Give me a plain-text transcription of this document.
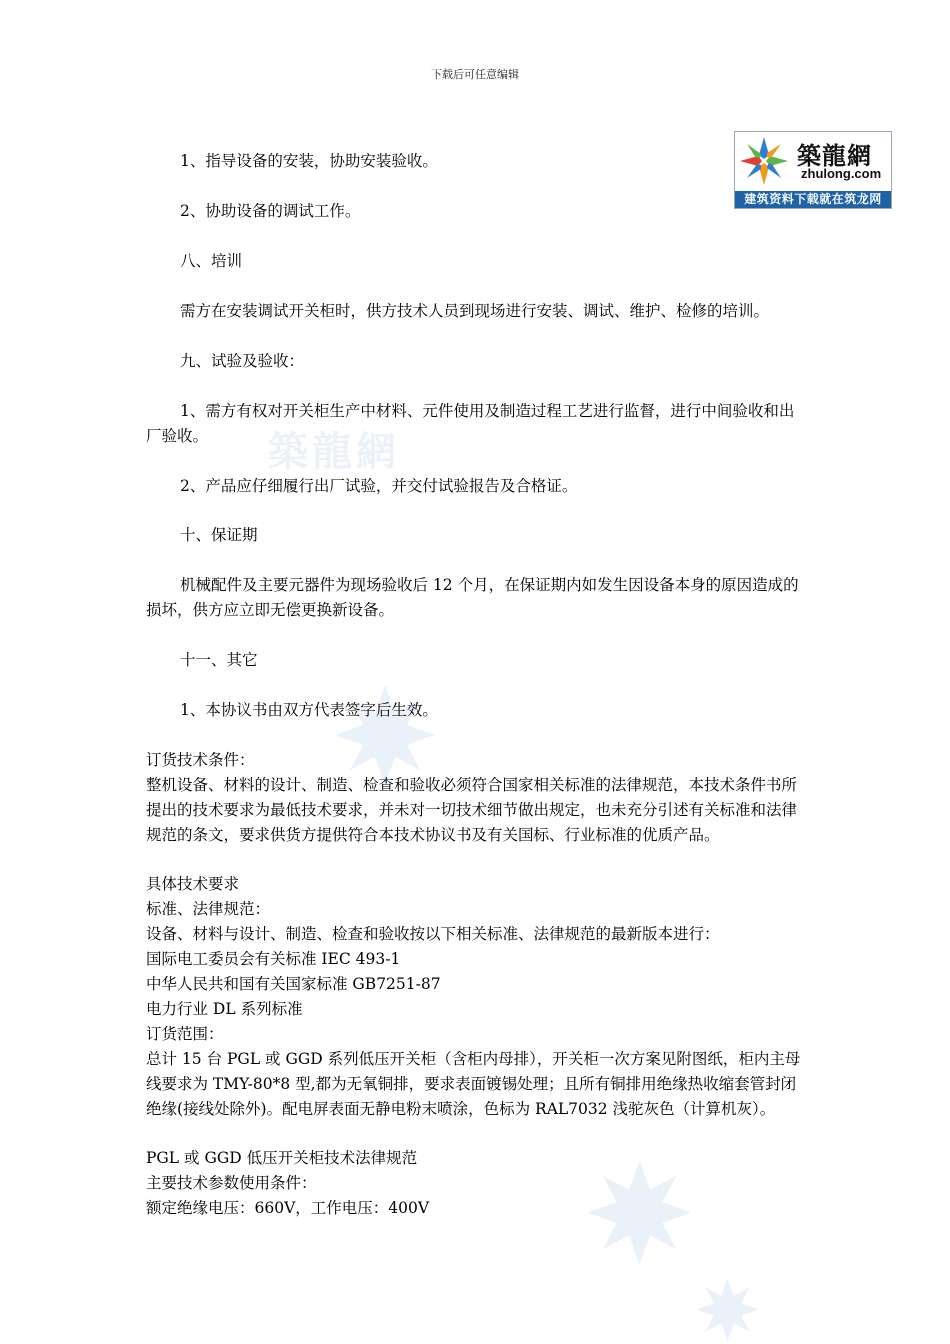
築龍網
下载后可任意编辑
築龍網
zhulong.com
建筑资料下载就在筑龙网

1、指导设备的安装，协助安装验收。

2、协助设备的调试工作。

八、培训

需方在安装调试开关柜时，供方技术人员到现场进行安装、调试、维护、检修的培训。

九、试验及验收：

1、需方有权对开关柜生产中材料、元件使用及制造过程工艺进行监督，进行中间验收和出厂验收。

2、产品应仔细履行出厂试验，并交付试验报告及合格证。

十、保证期

机械配件及主要元器件为现场验收后 12 个月，在保证期内如发生因设备本身的原因造成的损坏，供方应立即无偿更换新设备。

十一、其它

1、本协议书由双方代表签字后生效。

订货技术条件：

整机设备、材料的设计、制造、检查和验收必须符合国家相关标准的法律规范，本技术条件书所提出的技术要求为最低技术要求，并未对一切技术细节做出规定，也未充分引述有关标准和法律规范的条文，要求供货方提供符合本技术协议书及有关国标、行业标准的优质产品。

具体技术要求

标准、法律规范：

设备、材料与设计、制造、检查和验收按以下相关标准、法律规范的最新版本进行：

国际电工委员会有关标准 IEC 493-1

中华人民共和国有关国家标准 GB7251-87

电力行业 DL 系列标准

订货范围：

总计 15 台 PGL 或 GGD 系列低压开关柜（含柜内母排），开关柜一次方案见附图纸，柜内主母线要求为 TMY-80*8 型,都为无氧铜排，要求表面镀锡处理；且所有铜排用绝缘热收缩套管封闭绝缘(接线处除外)。配电屏表面无静电粉末喷涂，色标为 RAL7032 浅驼灰色（计算机灰）。

PGL 或 GGD 低压开关柜技术法律规范

主要技术参数使用条件：

额定绝缘电压：660V，工作电压：400V
